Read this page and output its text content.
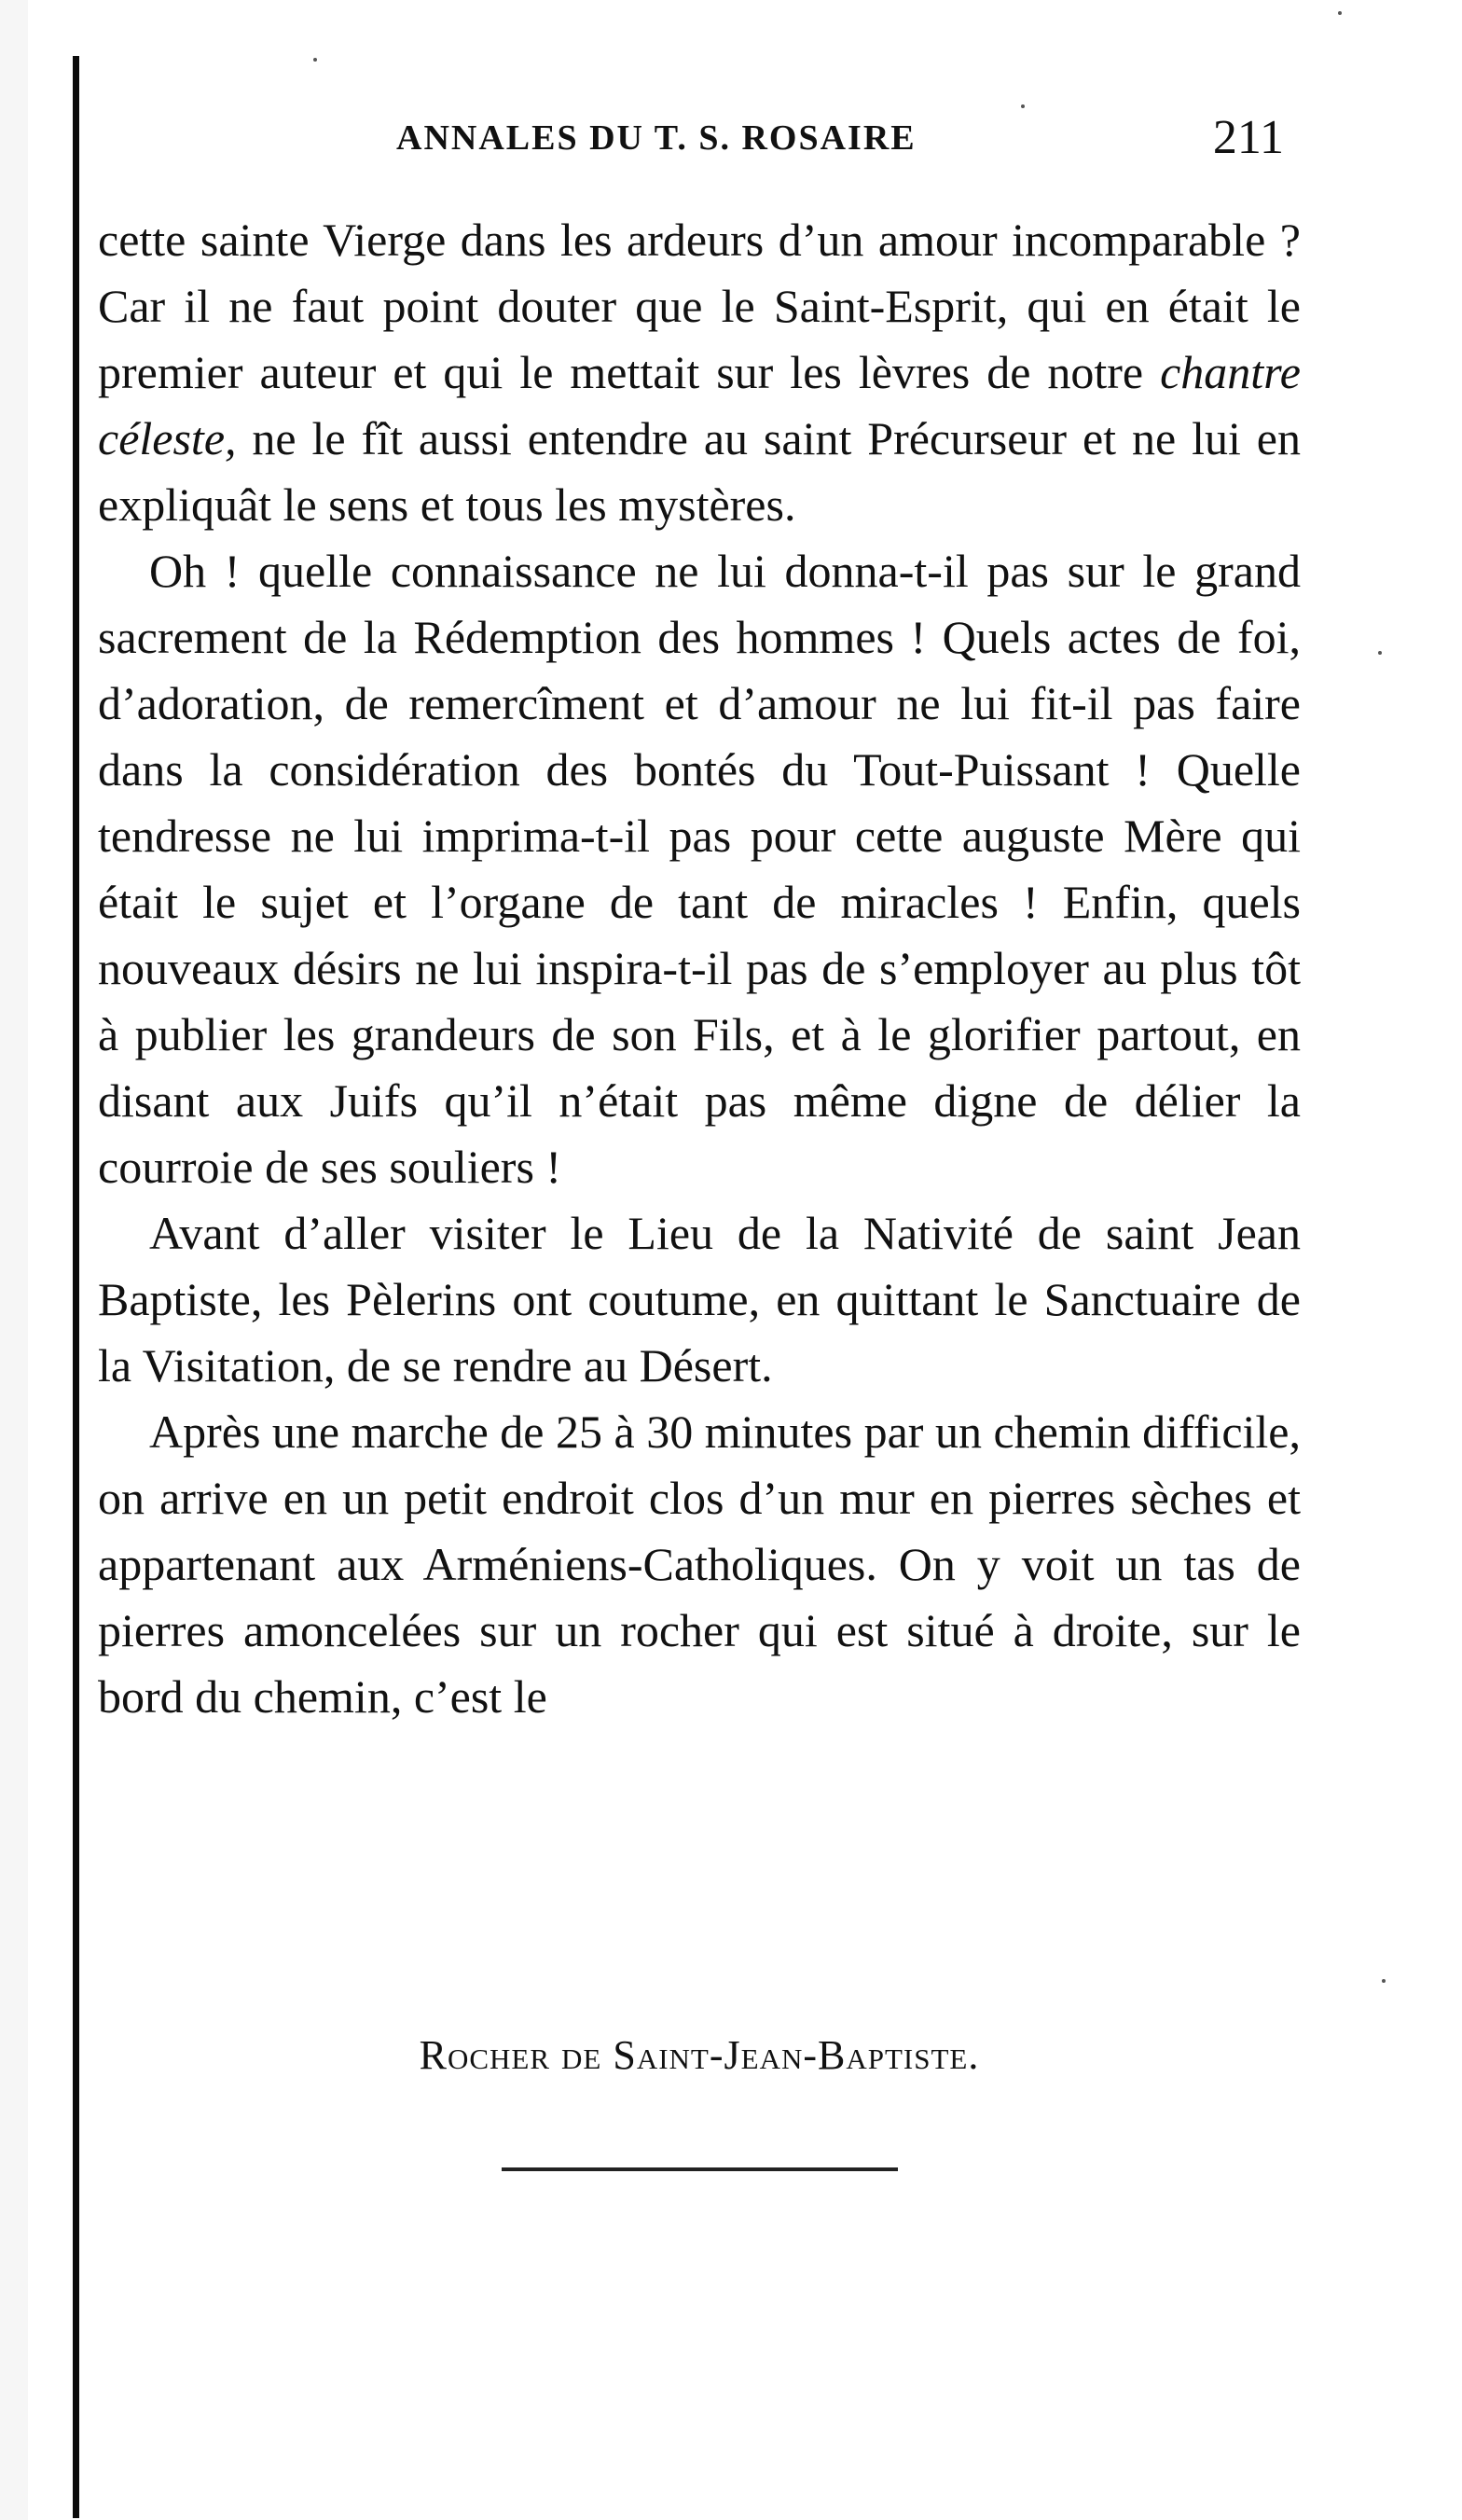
ANNALES DU T. S. ROSAIRE	211

cette sainte Vierge dans les ardeurs d’un amour incomparable ? Car il ne faut point douter que le Saint-Esprit, qui en était le premier auteur et qui le mettait sur les lèvres de notre chantre céleste, ne le fît aussi entendre au saint Précurseur et ne lui en expliquât le sens et tous les mystères.

Oh ! quelle connaissance ne lui donna-t-il pas sur le grand sacrement de la Rédemption des hommes ! Quels actes de foi, d’adoration, de remercîment et d’amour ne lui fit-il pas faire dans la considération des bontés du Tout-Puissant ! Quelle tendresse ne lui imprima-t-il pas pour cette auguste Mère qui était le sujet et l’organe de tant de miracles ! Enfin, quels nouveaux désirs ne lui inspira-t-il pas de s’employer au plus tôt à publier les grandeurs de son Fils, et à le glorifier partout, en disant aux Juifs qu’il n’était pas même digne de délier la courroie de ses souliers !

Avant d’aller visiter le Lieu de la Nativité de saint Jean Baptiste, les Pèlerins ont coutume, en quittant le Sanctuaire de la Visitation, de se rendre au Désert.

Après une marche de 25 à 30 minutes par un chemin difficile, on arrive en un petit endroit clos d’un mur en pierres sèches et appartenant aux Arméniens-Catholiques. On y voit un tas de pierres amoncelées sur un rocher qui est situé à droite, sur le bord du chemin, c’est le

Rocher de Saint-Jean-Baptiste.
